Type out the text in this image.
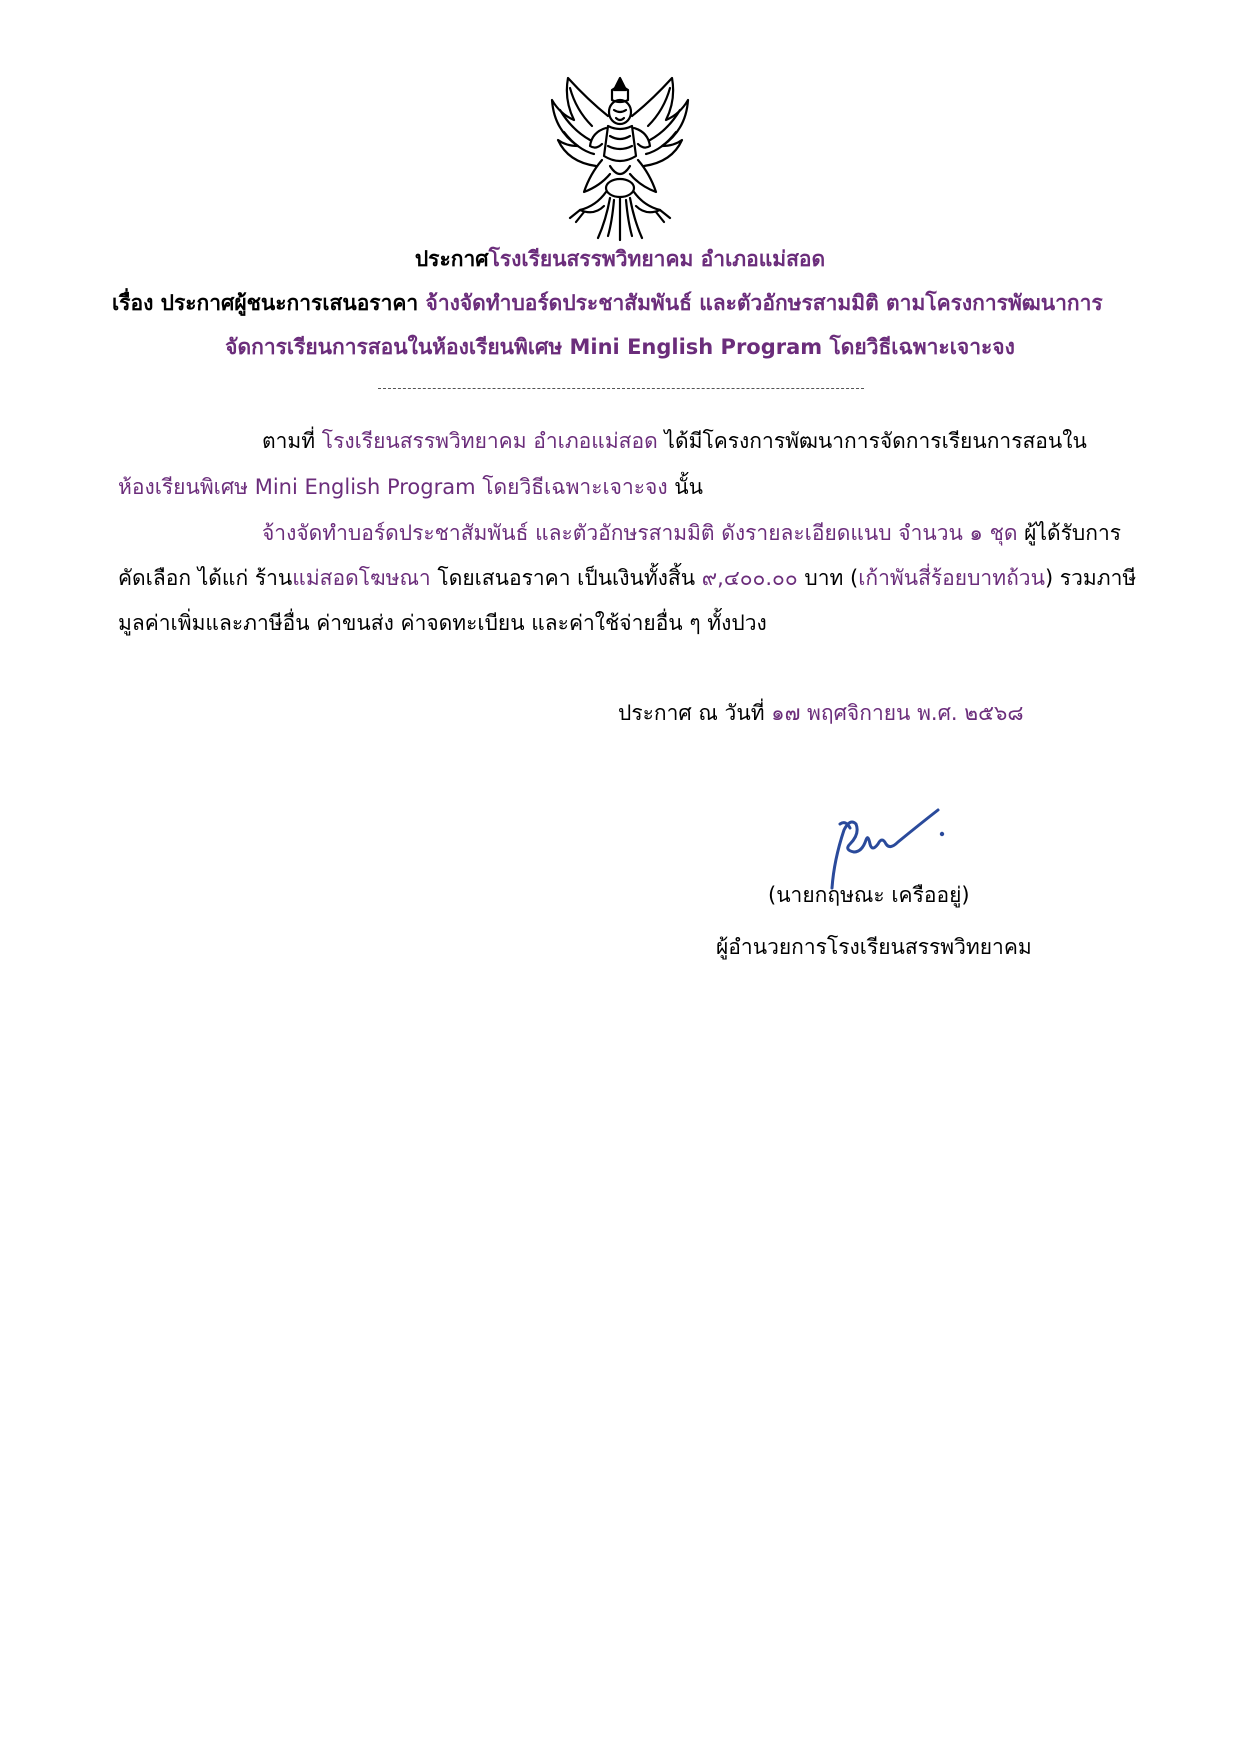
ประกาศโรงเรียนสรรพวิทยาคม อำเภอแม่สอด
เรื่อง ประกาศผู้ชนะการเสนอราคา จ้างจัดทำบอร์ดประชาสัมพันธ์ และตัวอักษรสามมิติ ตามโครงการพัฒนาการ
จัดการเรียนการสอนในห้องเรียนพิเศษ Mini English Program โดยวิธีเฉพาะเจาะจง
ตามที่ โรงเรียนสรรพวิทยาคม อำเภอแม่สอด ได้มีโครงการพัฒนาการจัดการเรียนการสอนใน
ห้องเรียนพิเศษ Mini English Program โดยวิธีเฉพาะเจาะจง นั้น
จ้างจัดทำบอร์ดประชาสัมพันธ์ และตัวอักษรสามมิติ ดังรายละเอียดแนบ จำนวน ๑ ชุด ผู้ได้รับการ
คัดเลือก ได้แก่ ร้านแม่สอดโฆษณา โดยเสนอราคา เป็นเงินทั้งสิ้น ๙,๔๐๐.๐๐ บาท (เก้าพันสี่ร้อยบาทถ้วน) รวมภาษี
มูลค่าเพิ่มและภาษีอื่น ค่าขนส่ง ค่าจดทะเบียน และค่าใช้จ่ายอื่น ๆ ทั้งปวง
ประกาศ ณ วันที่ ๑๗ พฤศจิกายน พ.ศ. ๒๕๖๘
(นายกฤษณะ เครืออยู่)
ผู้อำนวยการโรงเรียนสรรพวิทยาคม
